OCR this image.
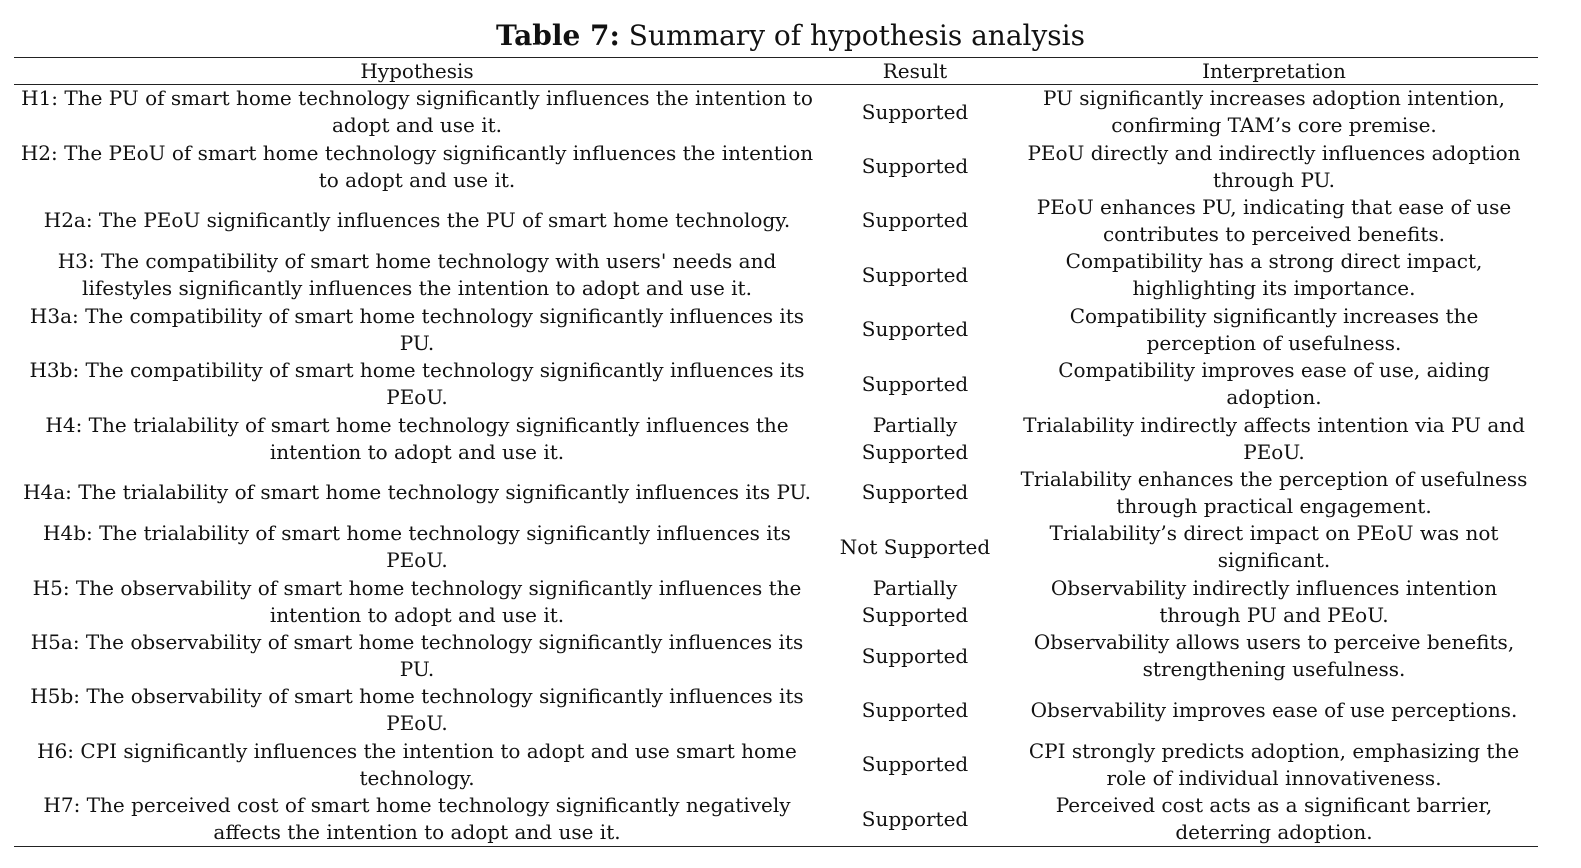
Table 7: Summary of hypothesis analysis
Hypothesis	Result	Interpretation
H1: The PU of smart home technology significantly influences the intention to adopt and use it.	Supported	PU significantly increases adoption intention, confirming TAM’s core premise.
H2: The PEoU of smart home technology significantly influences the intention to adopt and use it.	Supported	PEoU directly and indirectly influences adoption through PU.
H2a: The PEoU significantly influences the PU of smart home technology.	Supported	PEoU enhances PU, indicating that ease of use contributes to perceived benefits.
H3: The compatibility of smart home technology with users' needs and lifestyles significantly influences the intention to adopt and use it.	Supported	Compatibility has a strong direct impact, highlighting its importance.
H3a: The compatibility of smart home technology significantly influences its PU.	Supported	Compatibility significantly increases the perception of usefulness.
H3b: The compatibility of smart home technology significantly influences its PEoU.	Supported	Compatibility improves ease of use, aiding adoption.
H4: The trialability of smart home technology significantly influences the intention to adopt and use it.	Partially Supported	Trialability indirectly affects intention via PU and PEoU.
H4a: The trialability of smart home technology significantly influences its PU.	Supported	Trialability enhances the perception of usefulness through practical engagement.
H4b: The trialability of smart home technology significantly influences its PEoU.	Not Supported	Trialability’s direct impact on PEoU was not significant.
H5: The observability of smart home technology significantly influences the intention to adopt and use it.	Partially Supported	Observability indirectly influences intention through PU and PEoU.
H5a: The observability of smart home technology significantly influences its PU.	Supported	Observability allows users to perceive benefits, strengthening usefulness.
H5b: The observability of smart home technology significantly influences its PEoU.	Supported	Observability improves ease of use perceptions.
H6: CPI significantly influences the intention to adopt and use smart home technology.	Supported	CPI strongly predicts adoption, emphasizing the role of individual innovativeness.
H7: The perceived cost of smart home technology significantly negatively affects the intention to adopt and use it.	Supported	Perceived cost acts as a significant barrier, deterring adoption.
